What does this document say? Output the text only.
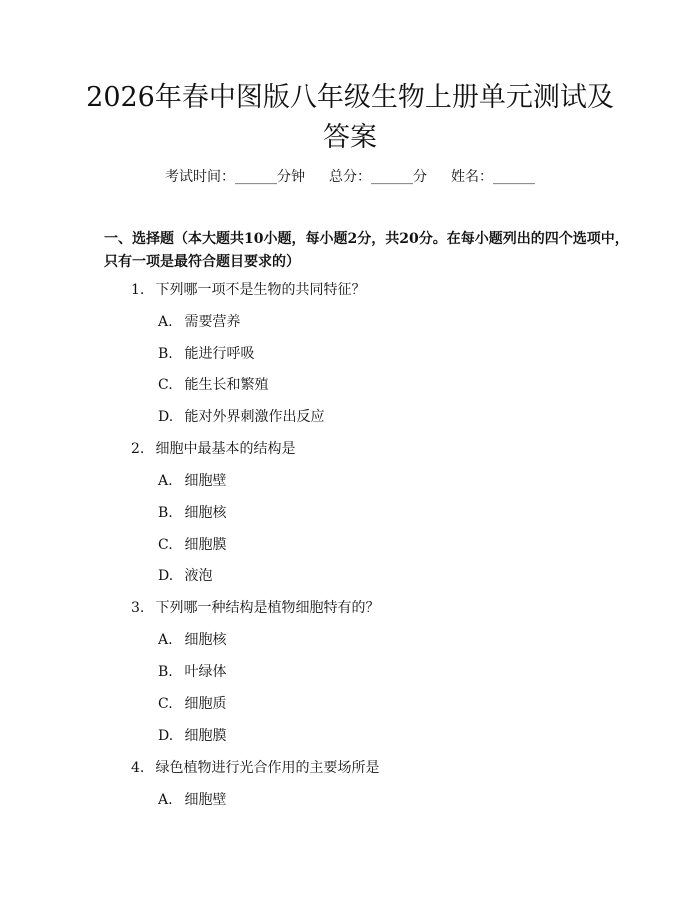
2026年春中图版八年级生物上册单元测试及答案
考试时间：______分钟 总分：______分 姓名：______
一、选择题（本大题共10小题，每小题2分，共20分。在每小题列出的四个选项中，只有一项是最符合题目要求的）
1. 下列哪一项不是生物的共同特征？
A. 需要营养
B. 能进行呼吸
C. 能生长和繁殖
D. 能对外界刺激作出反应
2. 细胞中最基本的结构是
A. 细胞壁
B. 细胞核
C. 细胞膜
D. 液泡
3. 下列哪一种结构是植物细胞特有的？
A. 细胞核
B. 叶绿体
C. 细胞质
D. 细胞膜
4. 绿色植物进行光合作用的主要场所是
A. 细胞壁
